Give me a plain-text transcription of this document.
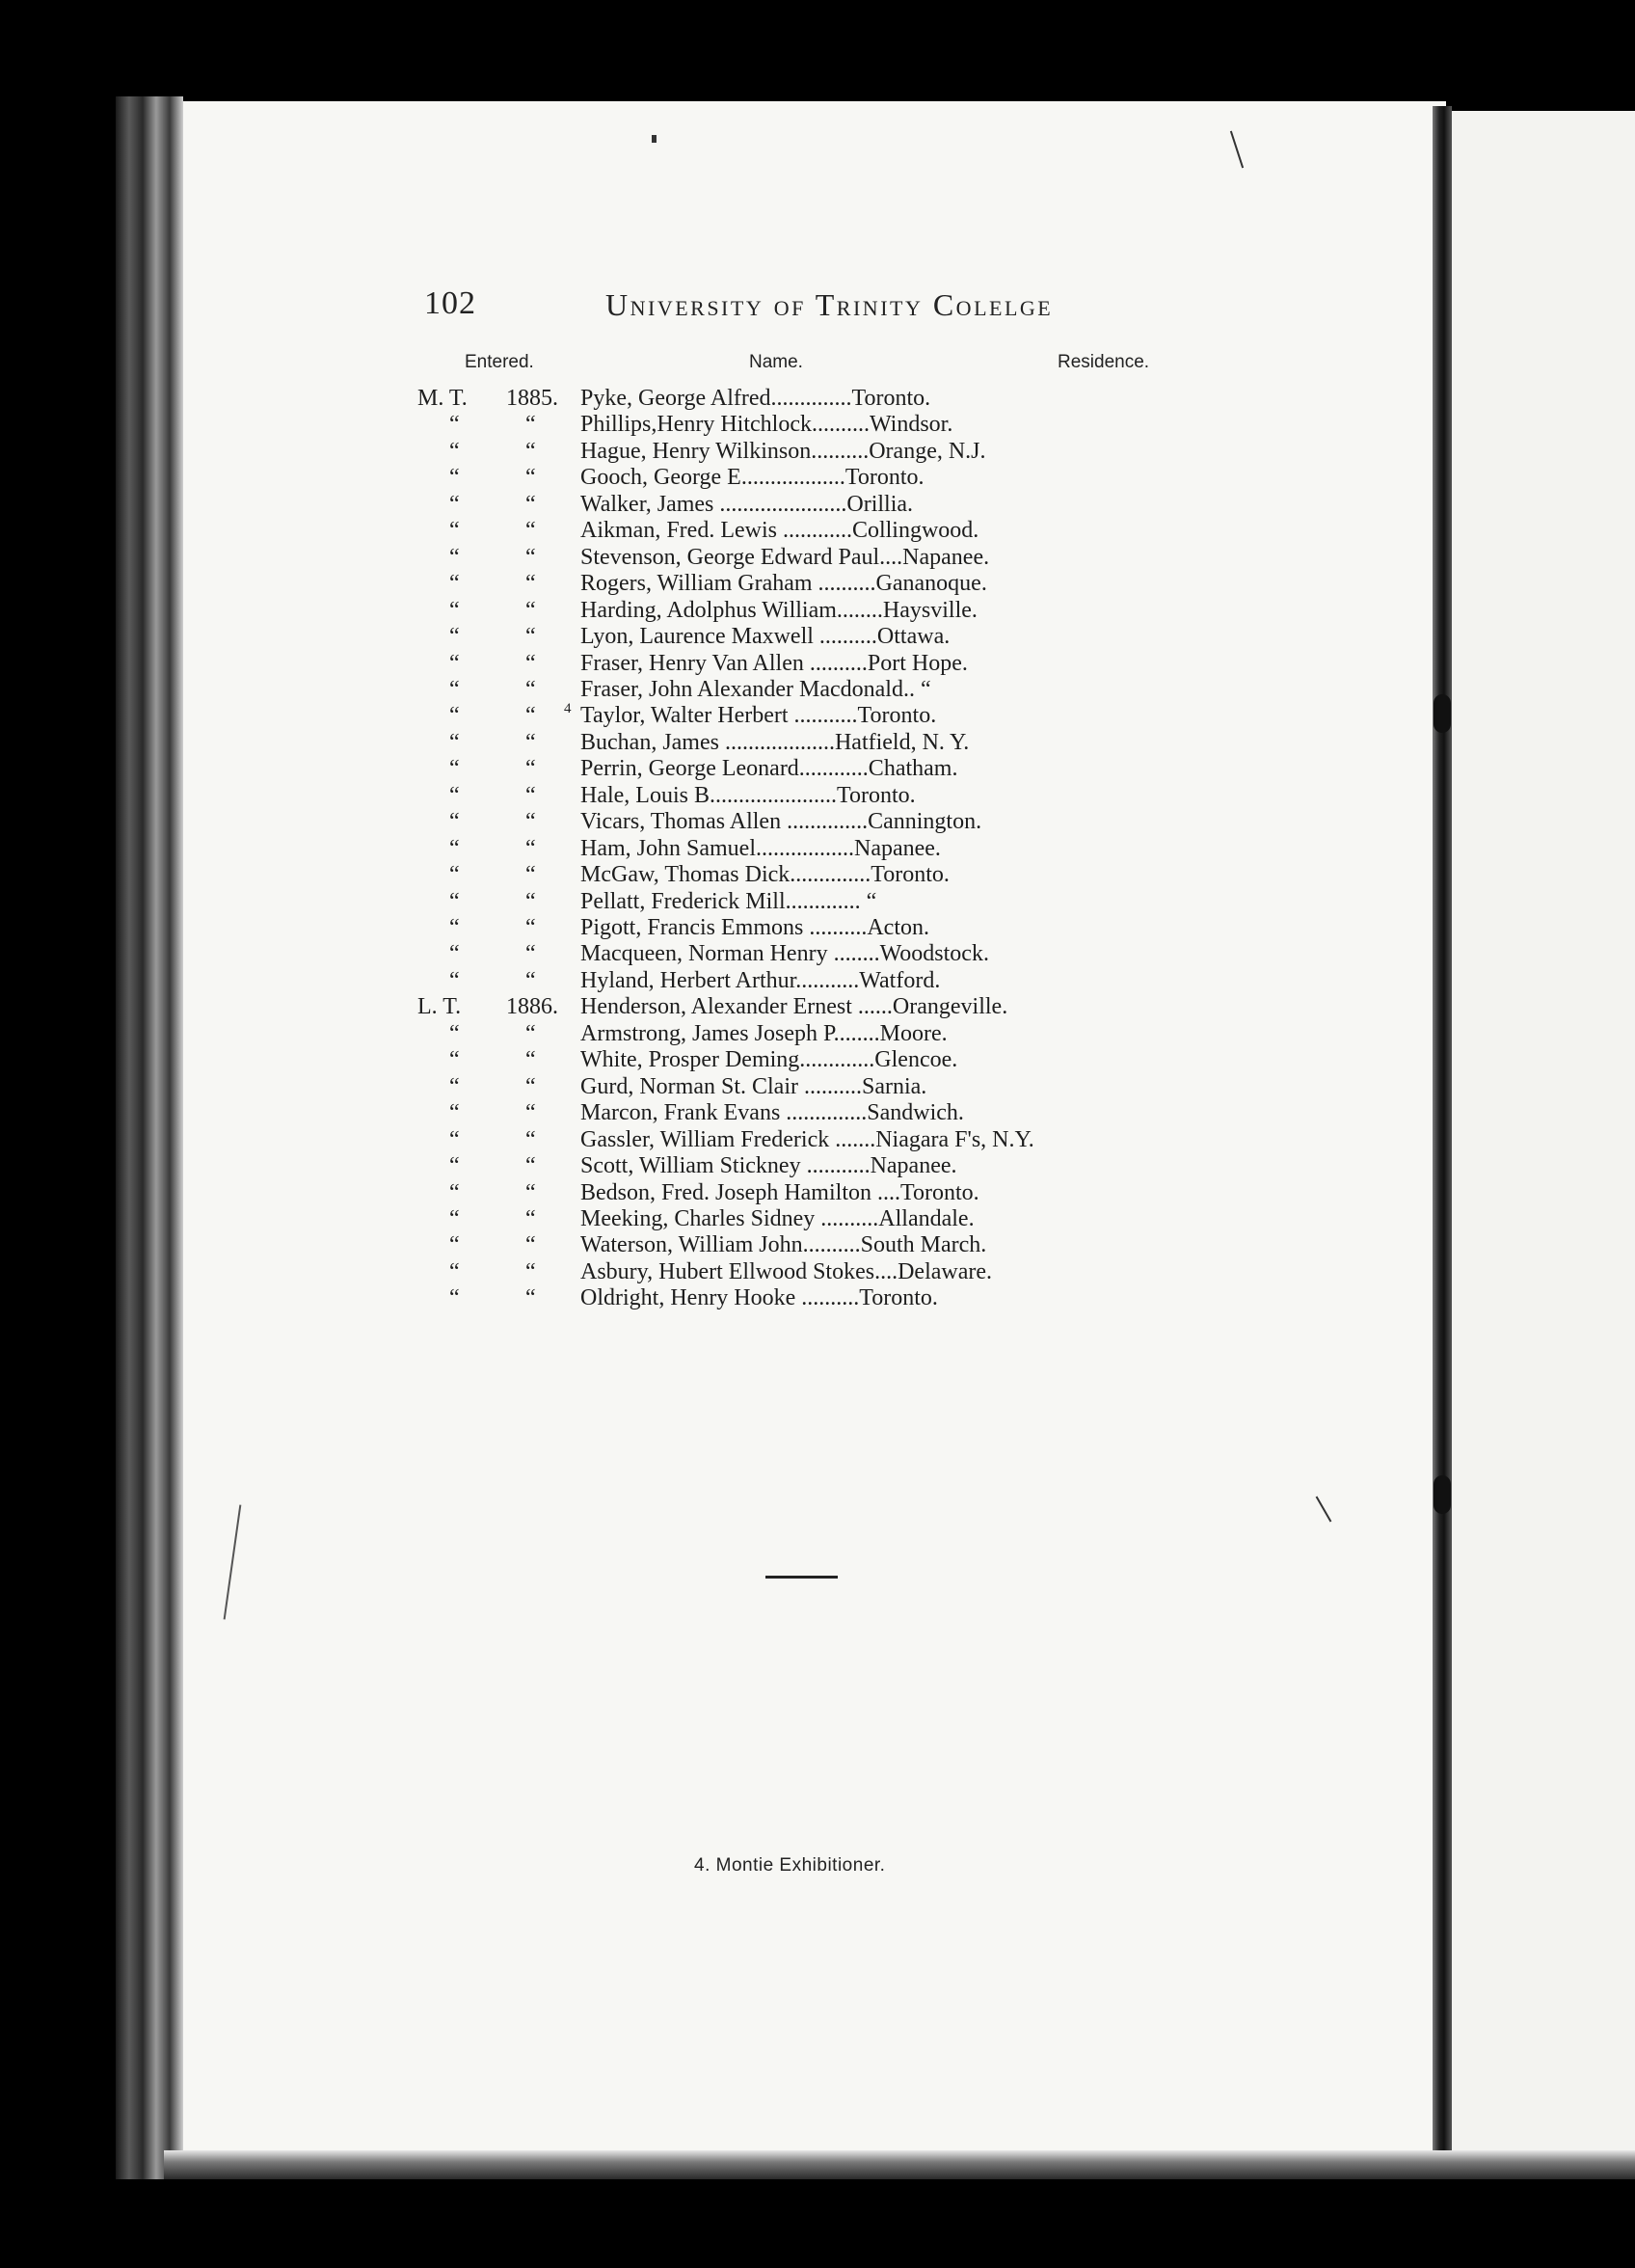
102	University of Trinity Colelge
Entered.	Name.	Residence.
M. T. 1885. Pyke, George Alfred..............Toronto.
“	“ Phillips,Henry Hitchlock..........Windsor.
“	“ Hague, Henry Wilkinson..........Orange, N.J.
“	“ Gooch, George E..................Toronto.
“	“ Walker, James ......................Orillia.
“	“ Aikman, Fred. Lewis ............Collingwood.
“	“ Stevenson, George Edward Paul....Napanee.
“	“ Rogers, William Graham ..........Gananoque.
“	“ Harding, Adolphus William........Haysville.
“	“ Lyon, Laurence Maxwell ..........Ottawa.
“	“ Fraser, Henry Van Allen ..........Port Hope.
“	“ Fraser, John Alexander Macdonald.. “
“	“ 4 Taylor, Walter Herbert ...........Toronto.
“	“ Buchan, James ...................Hatfield, N. Y.
“	“ Perrin, George Leonard............Chatham.
“	“ Hale, Louis B......................Toronto.
“	“ Vicars, Thomas Allen ..............Cannington.
“	“ Ham, John Samuel.................Napanee.
“	“ McGaw, Thomas Dick..............Toronto.
“	“ Pellatt, Frederick Mill............. “
“	“ Pigott, Francis Emmons ..........Acton.
“	“ Macqueen, Norman Henry ........Woodstock.
“	“ Hyland, Herbert Arthur...........Watford.
L. T. 1886. Henderson, Alexander Ernest ......Orangeville.
“	“ Armstrong, James Joseph P........Moore.
“	“ White, Prosper Deming.............Glencoe.
“	“ Gurd, Norman St. Clair ..........Sarnia.
“	“ Marcon, Frank Evans ..............Sandwich.
“	“ Gassler, William Frederick .......Niagara F's, N.Y.
“	“ Scott, William Stickney ...........Napanee.
“	“ Bedson, Fred. Joseph Hamilton ....Toronto.
“	“ Meeking, Charles Sidney ..........Allandale.
“	“ Waterson, William John..........South March.
“	“ Asbury, Hubert Ellwood Stokes....Delaware.
“	“ Oldright, Henry Hooke ..........Toronto.
4. Montie Exhibitioner.
